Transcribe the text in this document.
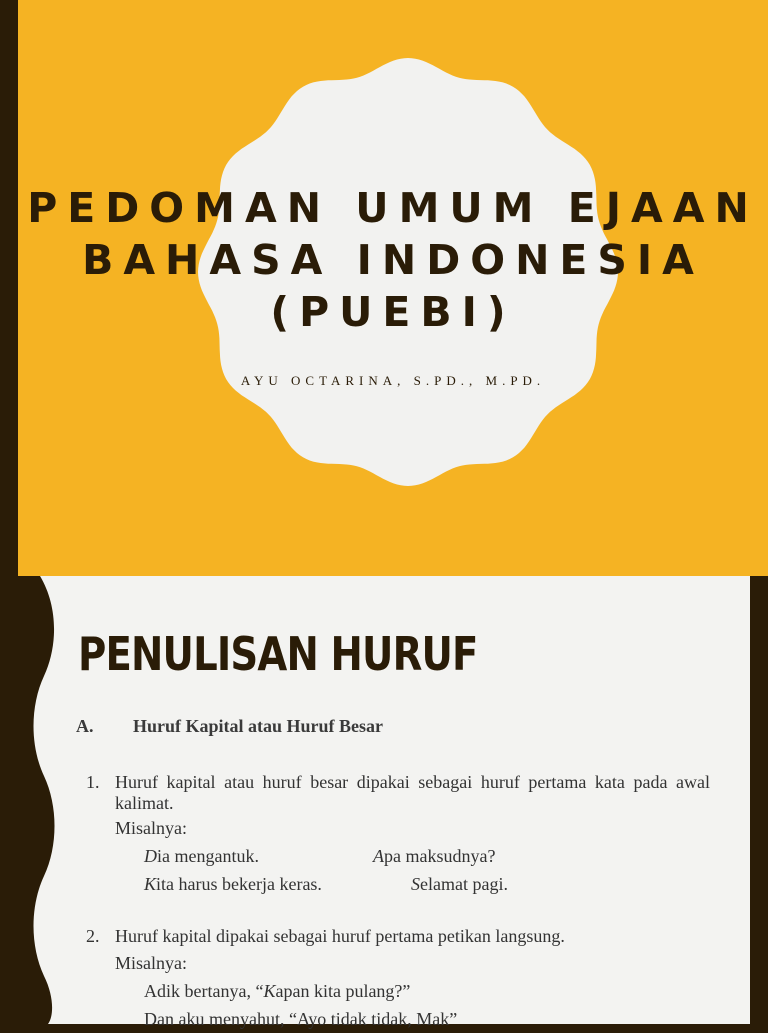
PEDOMAN UMUM EJAAN
BAHASA INDONESIA
(PUEBI)
AYU OCTARINA, S.PD., M.PD.
PENULISAN HURUF
A. Huruf Kapital atau Huruf Besar
1. Huruf kapital atau huruf besar dipakai sebagai huruf pertama kata pada awal kalimat.
Misalnya:
Dia mengantuk.	Apa maksudnya?
Kita harus bekerja keras.	Selamat pagi.
2. Huruf kapital dipakai sebagai huruf pertama petikan langsung.
Misalnya:
Adik bertanya, “Kapan kita pulang?”
Dan aku menyahut, “Ayo tidak tidak, Mak”
